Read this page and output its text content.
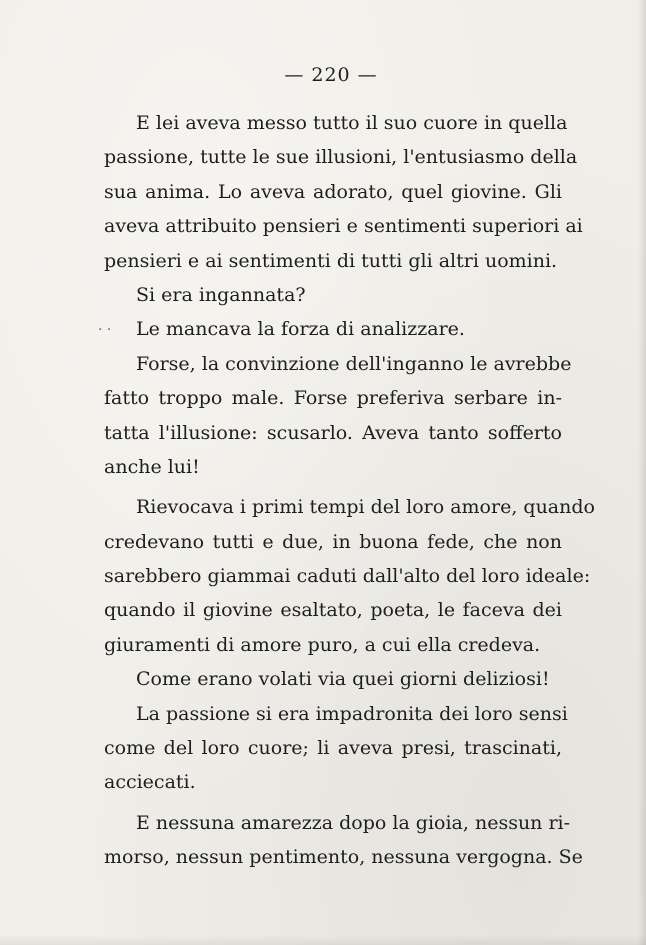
— 220 —
. .
E lei aveva messo tutto il suo cuore in quella
passione, tutte le sue illusioni, l'entusiasmo della
sua anima. Lo aveva adorato, quel giovine. Gli
aveva attribuito pensieri e sentimenti superiori ai
pensieri e ai sentimenti di tutti gli altri uomini.
Si era ingannata?
Le mancava la forza di analizzare.
Forse, la convinzione dell'inganno le avrebbe
fatto troppo male. Forse preferiva serbare in-
tatta l'illusione: scusarlo. Aveva tanto sofferto
anche lui!
Rievocava i primi tempi del loro amore, quando
credevano tutti e due, in buona fede, che non
sarebbero giammai caduti dall'alto del loro ideale:
quando il giovine esaltato, poeta, le faceva dei
giuramenti di amore puro, a cui ella credeva.
Come erano volati via quei giorni deliziosi!
La passione si era impadronita dei loro sensi
come del loro cuore; li aveva presi, trascinati,
acciecati.
E nessuna amarezza dopo la gioia, nessun ri-
morso, nessun pentimento, nessuna vergogna. Se
